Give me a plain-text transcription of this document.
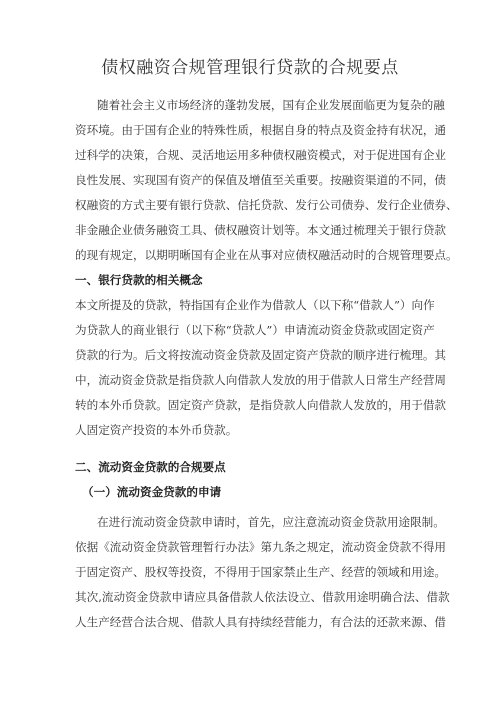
债权融资合规管理银行贷款的合规要点
随着社会主义市场经济的蓬勃发展，国有企业发展面临更为复杂的融
资环境。由于国有企业的特殊性质，根据自身的特点及资金持有状况，通
过科学的决策，合规、灵活地运用多种债权融资模式，对于促进国有企业
良性发展、实现国有资产的保值及增值至关重要。按融资渠道的不同，债
权融资的方式主要有银行贷款、信托贷款、发行公司债券、发行企业债券、
非金融企业债务融资工具、债权融资计划等。本文通过梳理关于银行贷款
的现有规定，以期明晰国有企业在从事对应债权融活动时的合规管理要点。
一、银行贷款的相关概念
本文所提及的贷款，特指国有企业作为借款人（以下称“借款人”）向作
为贷款人的商业银行（以下称“贷款人”）申请流动资金贷款或固定资产
贷款的行为。后文将按流动资金贷款及固定资产贷款的顺序进行梳理。其
中，流动资金贷款是指贷款人向借款人发放的用于借款人日常生产经营周
转的本外币贷款。固定资产贷款，是指贷款人向借款人发放的，用于借款
人固定资产投资的本外币贷款。
二、流动资金贷款的合规要点
（一）流动资金贷款的申请
在进行流动资金贷款申请时，首先，应注意流动资金贷款用途限制。
依据《流动资金贷款管理暂行办法》第九条之规定，流动资金贷款不得用
于固定资产、股权等投资，不得用于国家禁止生产、经营的领域和用途。
其次,流动资金贷款申请应具备借款人依法设立、借款用途明确合法、借款
人生产经营合法合规、借款人具有持续经营能力，有合法的还款来源、借
